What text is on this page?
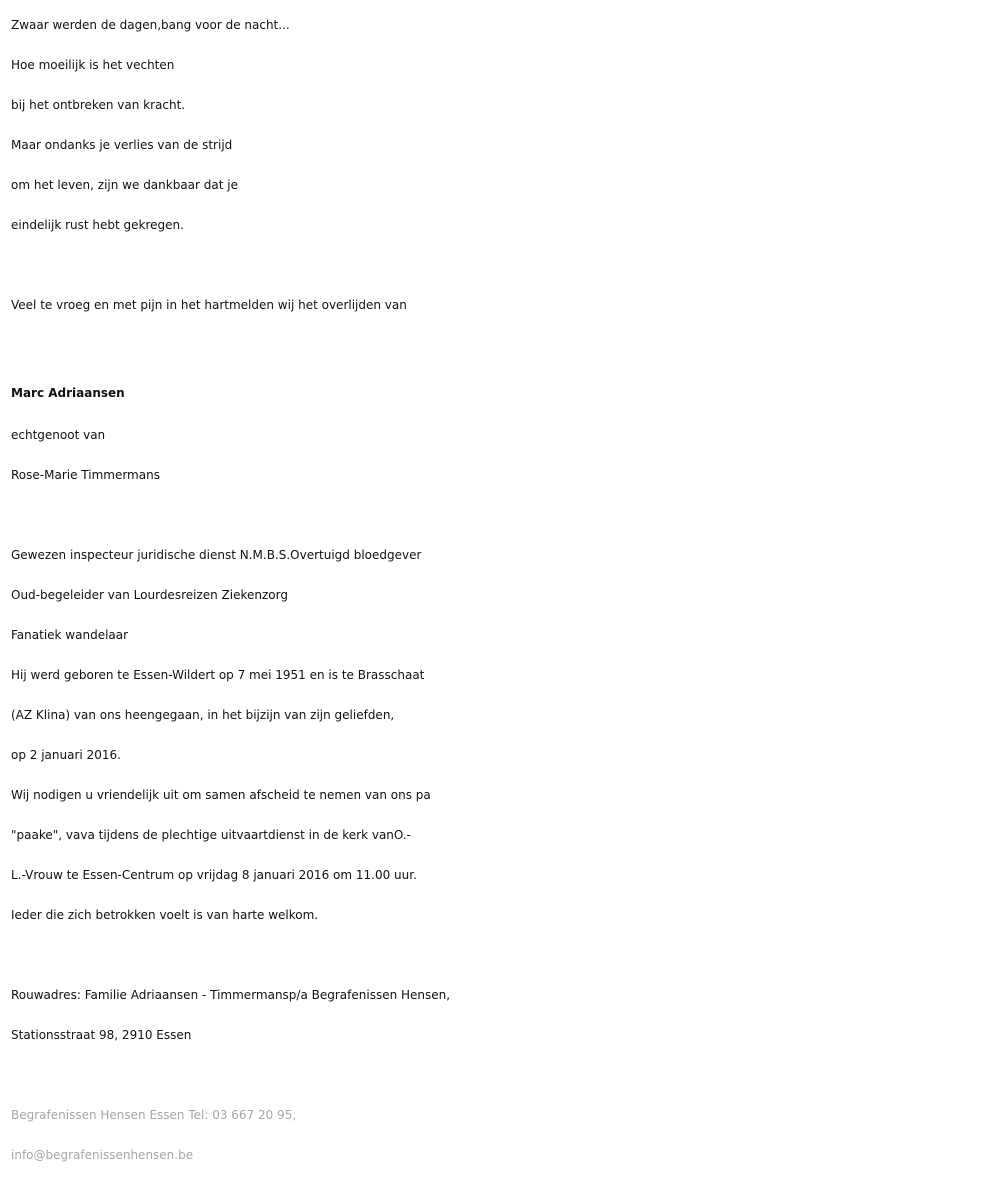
Zwaar werden de dagen,bang voor de nacht...
Hoe moeilijk is het vechten
bij het ontbreken van kracht.
Maar ondanks je verlies van de strijd
om het leven, zijn we dankbaar dat je
eindelijk rust hebt gekregen.
Veel te vroeg en met pijn in het hartmelden wij het overlijden van
Marc Adriaansen
echtgenoot van
Rose-Marie Timmermans
Gewezen inspecteur juridische dienst N.M.B.S.Overtuigd bloedgever
Oud-begeleider van Lourdesreizen Ziekenzorg
Fanatiek wandelaar
Hij werd geboren te Essen-Wildert op 7 mei 1951 en is te Brasschaat
(AZ Klina) van ons heengegaan, in het bijzijn van zijn geliefden,
op 2 januari 2016.
Wij nodigen u vriendelijk uit om samen afscheid te nemen van ons pa
"paake", vava tijdens de plechtige uitvaartdienst in de kerk vanO.-
L.-Vrouw te Essen-Centrum op vrijdag 8 januari 2016 om 11.00 uur.
Ieder die zich betrokken voelt is van harte welkom.
Rouwadres: Familie Adriaansen - Timmermansp/a Begrafenissen Hensen,
Stationsstraat 98, 2910 Essen
Begrafenissen Hensen Essen Tel: 03 667 20 95,
info@begrafenissenhensen.be
